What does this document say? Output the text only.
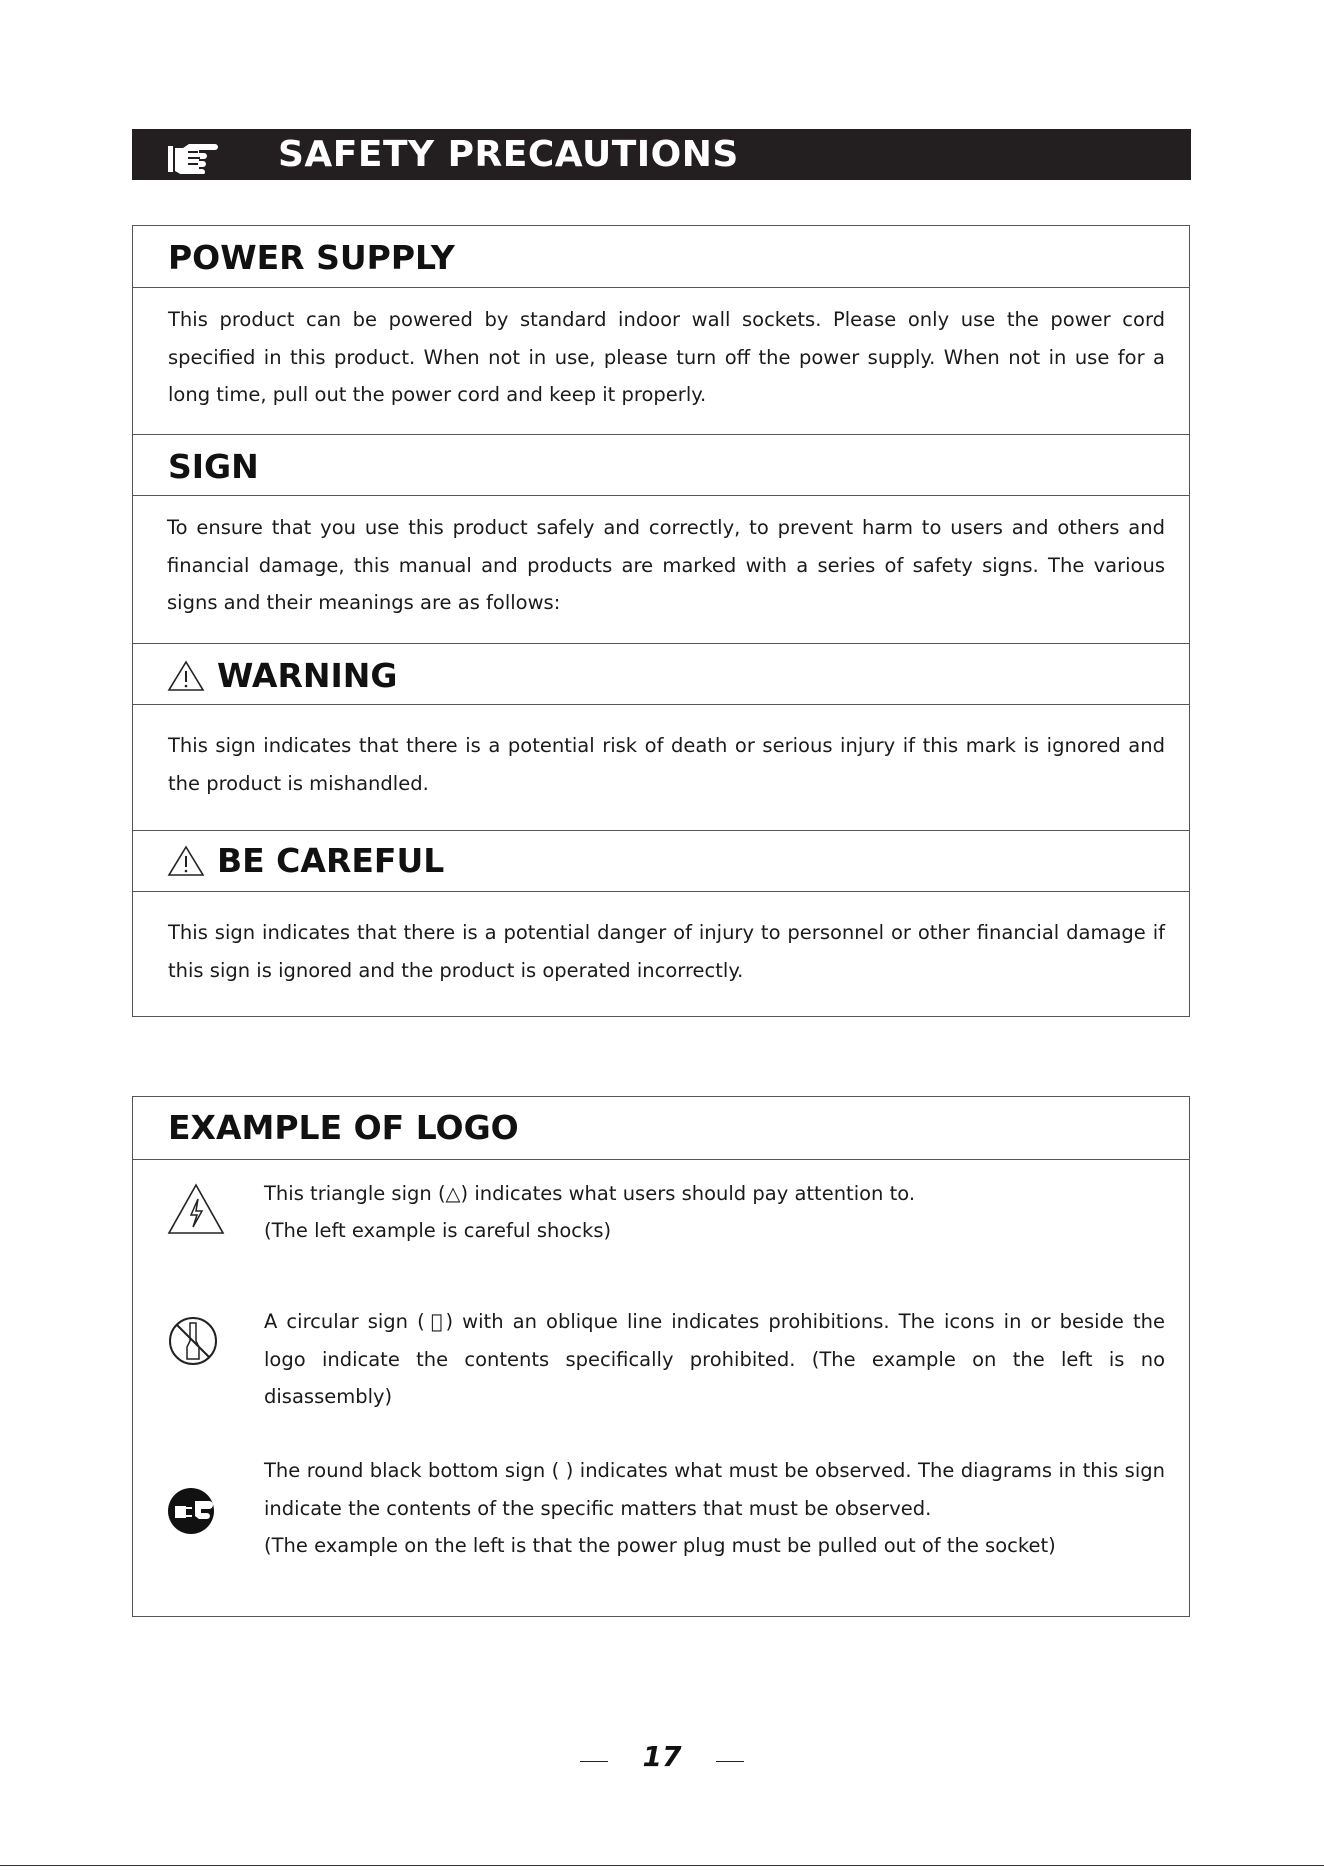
SAFETY PRECAUTIONS
POWER SUPPLY
This product can be powered by standard indoor wall sockets. Please only use the power cord specified in this product. When not in use, please turn off the power supply. When not in use for a long time, pull out the power cord and keep it properly.
SIGN
To ensure that you use this product safely and correctly, to prevent harm to users and others and financial damage, this manual and products are marked with a series of safety signs. The various signs and their meanings are as follows:
WARNING
This sign indicates that there is a potential risk of death or serious injury if this mark is ignored and the product is mishandled.
BE CAREFUL
This sign indicates that there is a potential danger of injury to personnel or other financial damage if this sign is ignored and the product is operated incorrectly.
EXAMPLE OF LOGO
This triangle sign (△) indicates what users should pay attention to.
(The left example is careful shocks)
A circular sign ( ⃠) with an oblique line indicates prohibitions. The icons in or beside the logo indicate the contents specifically prohibited. (The example on the left is no disassembly)
The round black bottom sign ( ) indicates what must be observed. The diagrams in this sign indicate the contents of the specific matters that must be observed.
(The example on the left is that the power plug must be pulled out of the socket)
17
